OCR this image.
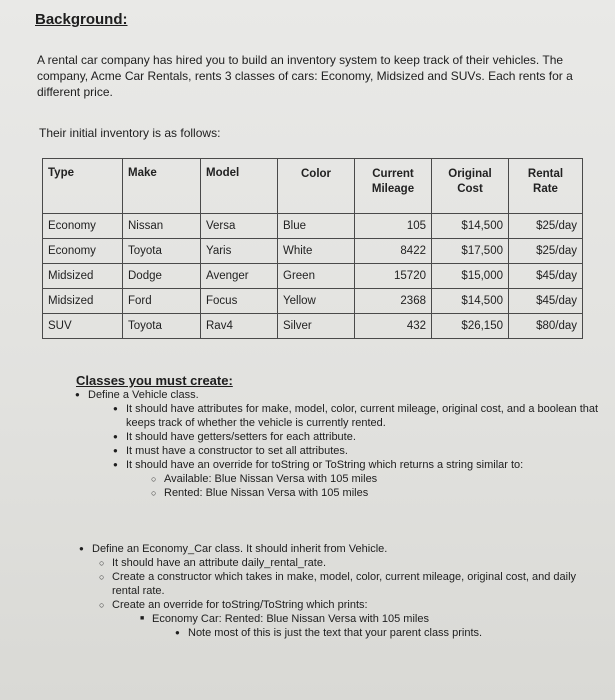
Background:
A rental car company has hired you to build an inventory system to keep track of their vehicles. The company, Acme Car Rentals, rents 3 classes of cars: Economy, Midsized and SUVs. Each rents for a different price.
Their initial inventory is as follows:
Type	Make	Model	Color	Current Mileage	Original Cost	Rental Rate
Economy	Nissan	Versa	Blue	105	$14,500	$25/day
Economy	Toyota	Yaris	White	8422	$17,500	$25/day
Midsized	Dodge	Avenger	Green	15720	$15,000	$45/day
Midsized	Ford	Focus	Yellow	2368	$14,500	$45/day
SUV	Toyota	Rav4	Silver	432	$26,150	$80/day
Classes you must create:
● Define a Vehicle class.
● It should have attributes for make, model, color, current mileage, original cost, and a boolean that keeps track of whether the vehicle is currently rented.
● It should have getters/setters for each attribute.
● It must have a constructor to set all attributes.
● It should have an override for toString or ToString which returns a string similar to:
○ Available: Blue Nissan Versa with 105 miles
○ Rented: Blue Nissan Versa with 105 miles
● Define an Economy_Car class. It should inherit from Vehicle.
○ It should have an attribute daily_rental_rate.
○ Create a constructor which takes in make, model, color, current mileage, original cost, and daily rental rate.
○ Create an override for toString/ToString which prints:
■ Economy Car: Rented: Blue Nissan Versa with 105 miles
● Note most of this is just the text that your parent class prints.
